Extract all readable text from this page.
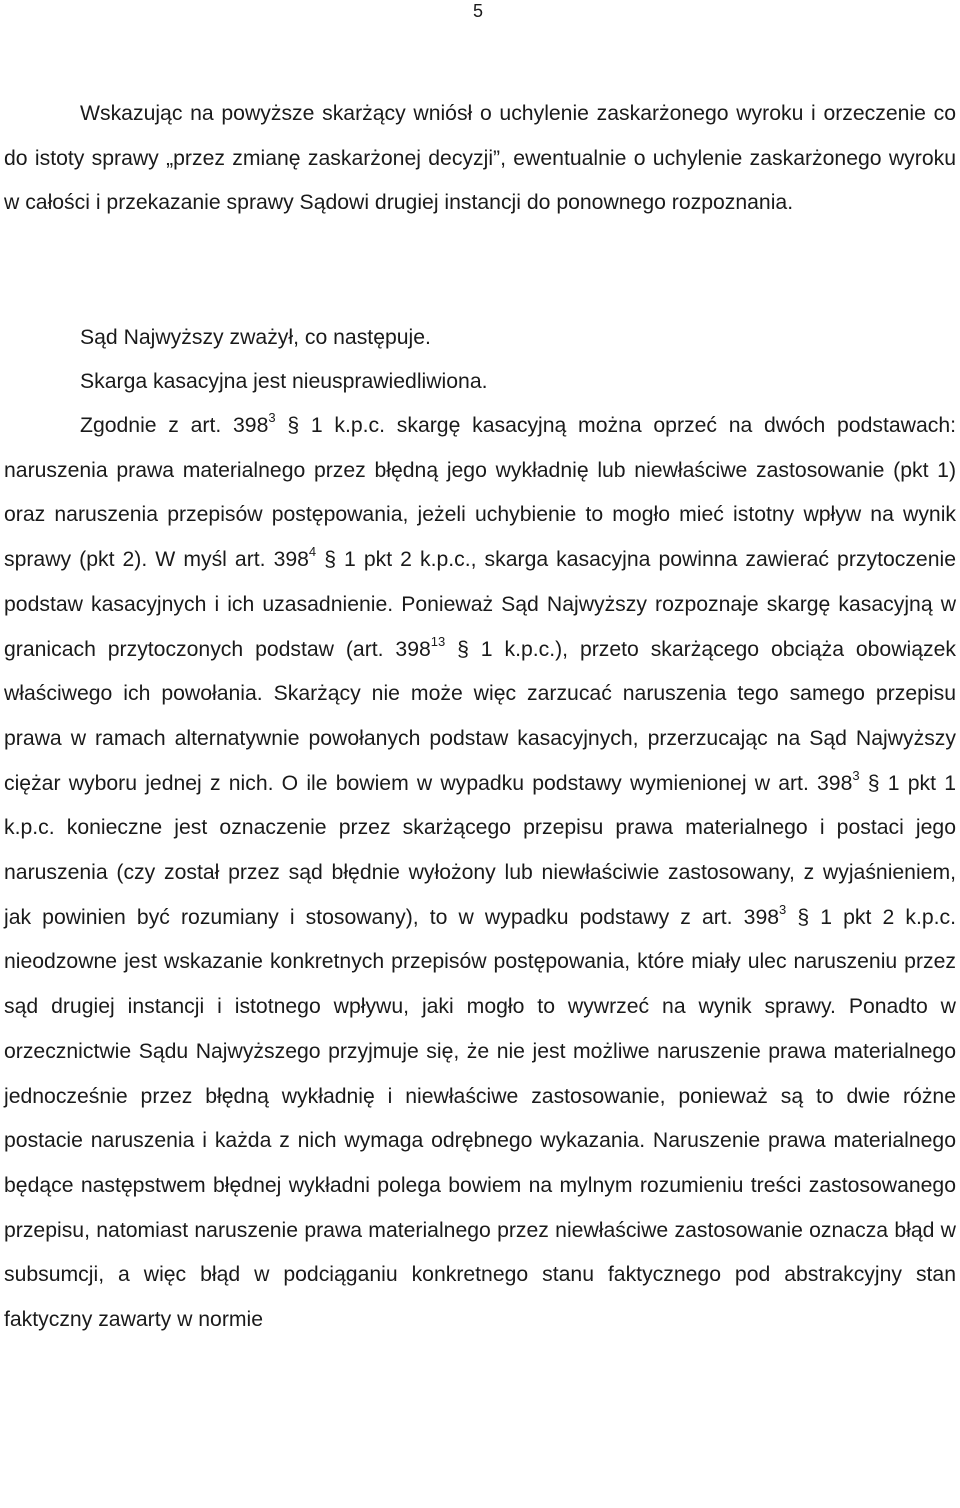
5

Wskazując na powyższe skarżący wniósł o uchylenie zaskarżonego wyroku i orzeczenie co do istoty sprawy „przez zmianę zaskarżonej decyzji”, ewentualnie o uchylenie zaskarżonego wyroku w całości i przekazanie sprawy Sądowi drugiej instancji do ponownego rozpoznania.

Sąd Najwyższy zważył, co następuje.

Skarga kasacyjna jest nieusprawiedliwiona.

Zgodnie z art. $398^3$ § 1 k.p.c. skargę kasacyjną można oprzeć na dwóch podstawach: naruszenia prawa materialnego przez błędną jego wykładnię lub niewłaściwe zastosowanie (pkt 1) oraz naruszenia przepisów postępowania, jeżeli uchybienie to mogło mieć istotny wpływ na wynik sprawy (pkt 2). W myśl art. $398^4$ § 1 pkt 2 k.p.c., skarga kasacyjna powinna zawierać przytoczenie podstaw kasacyjnych i ich uzasadnienie. Ponieważ Sąd Najwyższy rozpoznaje skargę kasacyjną w granicach przytoczonych podstaw (art. $398^{13}$ § 1 k.p.c.), przeto skarżącego obciąża obowiązek właściwego ich powołania. Skarżący nie może więc zarzucać naruszenia tego samego przepisu prawa w ramach alternatywnie powołanych podstaw kasacyjnych, przerzucając na Sąd Najwyższy ciężar wyboru jednej z nich. O ile bowiem w wypadku podstawy wymienionej w art. $398^3$ § 1 pkt 1 k.p.c. konieczne jest oznaczenie przez skarżącego przepisu prawa materialnego i postaci jego naruszenia (czy został przez sąd błędnie wyłożony lub niewłaściwie zastosowany, z wyjaśnieniem, jak powinien być rozumiany i stosowany), to w wypadku podstawy z art. $398^3$ § 1 pkt 2 k.p.c. nieodzowne jest wskazanie konkretnych przepisów postępowania, które miały ulec naruszeniu przez sąd drugiej instancji i istotnego wpływu, jaki mogło to wywrzeć na wynik sprawy. Ponadto w orzecznictwie Sądu Najwyższego przyjmuje się, że nie jest możliwe naruszenie prawa materialnego jednocześnie przez błędną wykładnię i niewłaściwe zastosowanie, ponieważ są to dwie różne postacie naruszenia i każda z nich wymaga odrębnego wykazania. Naruszenie prawa materialnego będące następstwem błędnej wykładni polega bowiem na mylnym rozumieniu treści zastosowanego przepisu, natomiast naruszenie prawa materialnego przez niewłaściwe zastosowanie oznacza błąd w subsumcji, a więc błąd w podciąganiu konkretnego stanu faktycznego pod abstrakcyjny stan faktyczny zawarty w normie
